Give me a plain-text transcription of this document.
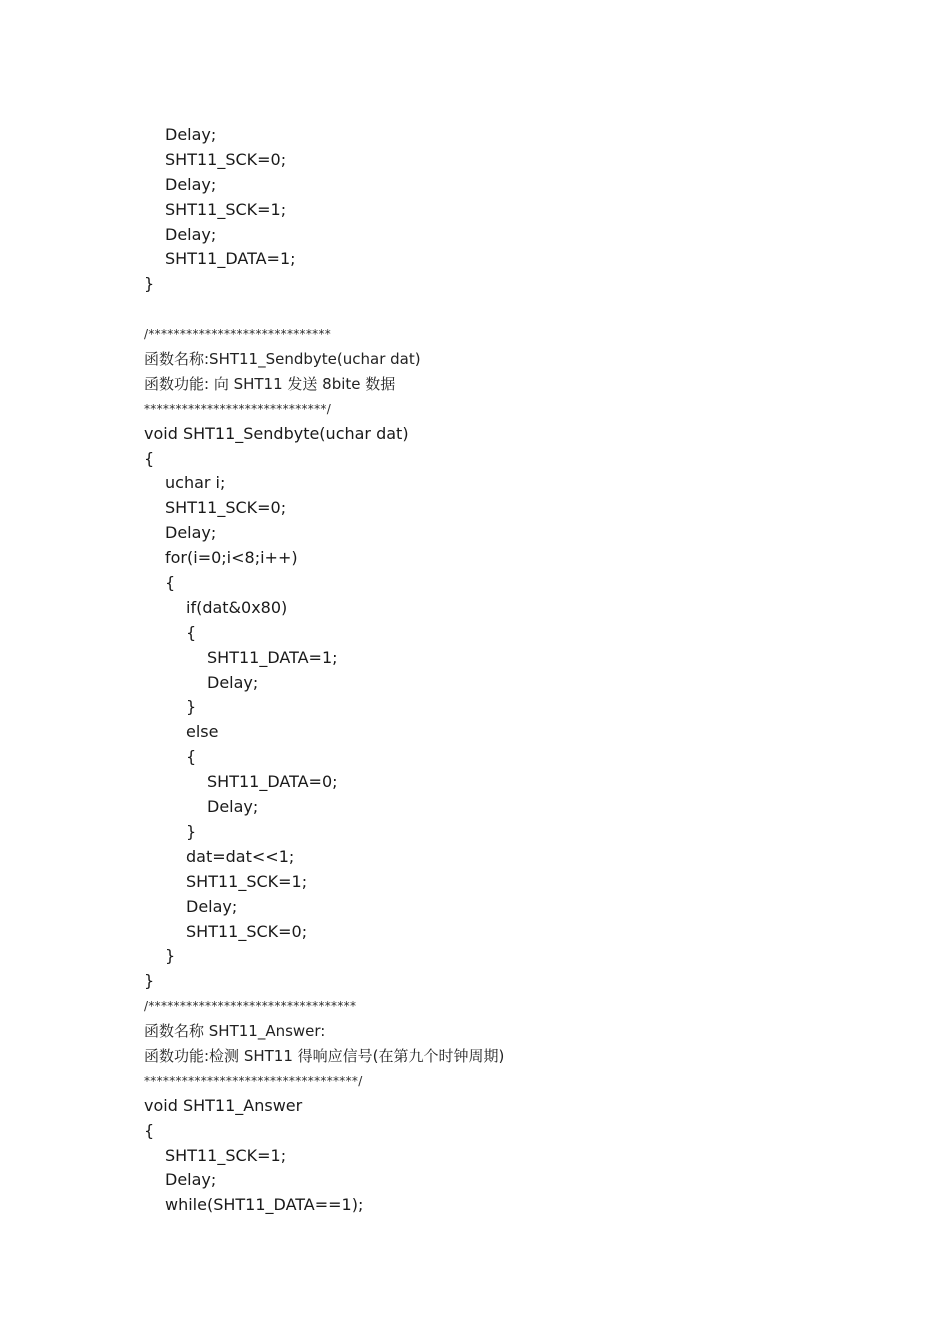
Delay;
SHT11_SCK=0;
Delay;
SHT11_SCK=1;
Delay;
SHT11_DATA=1;
}
/*****************************
函数名称:SHT11_Sendbyte(uchar dat)
函数功能: 向 SHT11 发送 8bite 数据
*****************************/
void SHT11_Sendbyte(uchar dat)
{
uchar i;
SHT11_SCK=0;
Delay;
for(i=0;i<8;i++)
{
if(dat&0x80)
{
SHT11_DATA=1;
Delay;
}
else
{
SHT11_DATA=0;
Delay;
}
dat=dat<<1;
SHT11_SCK=1;
Delay;
SHT11_SCK=0;
}
}
/*********************************
函数名称 SHT11_Answer:
函数功能:检测 SHT11 得响应信号(在第九个时钟周期)
**********************************/
void SHT11_Answer
{
SHT11_SCK=1;
Delay;
while(SHT11_DATA==1);
